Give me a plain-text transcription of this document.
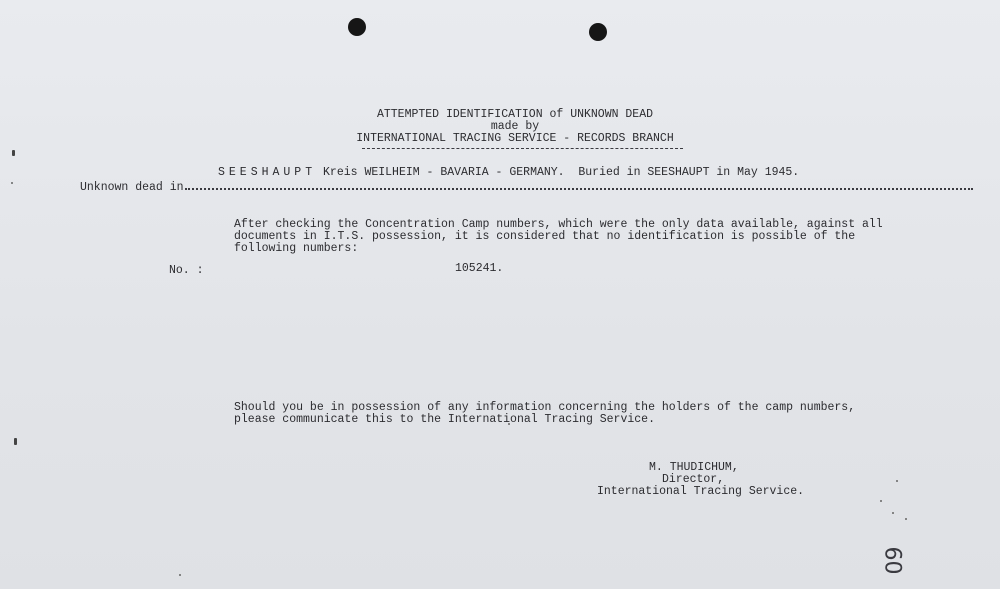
ATTEMPTED IDENTIFICATION of UNKNOWN DEAD
made by
INTERNATIONAL TRACING SERVICE - RECORDS BRANCH
SEESHAUPT Kreis WEILHEIM - BAVARIA - GERMANY.  Buried in SEESHAUPT in May 1945.
Unknown dead in
After checking the Concentration Camp numbers, which were the only data available, against all
documents in I.T.S. possession, it is considered that no identification is possible of the
following numbers:
No. :	105241.
Should you be in possession of any information concerning the holders of the camp numbers,
please communicate this to the International Tracing Service.
M. THUDICHUM,
Director,
International Tracing Service.
60
